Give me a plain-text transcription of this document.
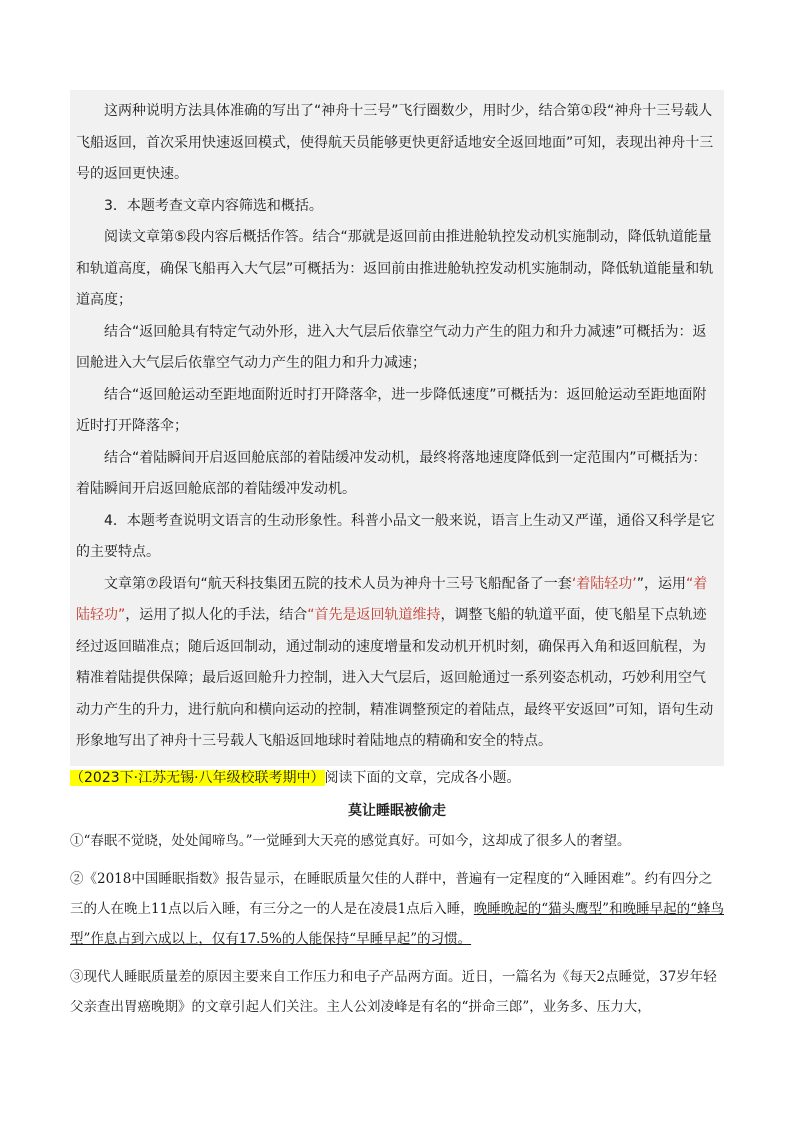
这两种说明方法具体准确的写出了“神舟十三号”飞行圈数少，用时少，结合第①段“神舟十三号载人飞船返回，首次采用快速返回模式，使得航天员能够更快更舒适地安全返回地面”可知，表现出神舟十三号的返回更快速。

3．本题考查文章内容筛选和概括。

阅读文章第⑤段内容后概括作答。结合“那就是返回前由推进舱轨控发动机实施制动，降低轨道能量和轨道高度，确保飞船再入大气层”可概括为：返回前由推进舱轨控发动机实施制动，降低轨道能量和轨道高度；

结合“返回舱具有特定气动外形，进入大气层后依靠空气动力产生的阻力和升力减速”可概括为：返回舱进入大气层后依靠空气动力产生的阻力和升力减速；

结合“返回舱运动至距地面附近时打开降落伞，进一步降低速度”可概括为：返回舱运动至距地面附近时打开降落伞；

结合“着陆瞬间开启返回舱底部的着陆缓冲发动机，最终将落地速度降低到一定范围内”可概括为：着陆瞬间开启返回舱底部的着陆缓冲发动机。

4．本题考查说明文语言的生动形象性。科普小品文一般来说，语言上生动又严谨，通俗又科学是它的主要特点。

文章第⑦段语句“航天科技集团五院的技术人员为神舟十三号飞船配备了一套‘着陆轻功’”，运用“着陆轻功”，运用了拟人化的手法，结合“首先是返回轨道维持，调整飞船的轨道平面，使飞船星下点轨迹经过返回瞄准点；随后返回制动，通过制动的速度增量和发动机开机时刻，确保再入角和返回航程，为精准着陆提供保障；最后返回舱升力控制，进入大气层后，返回舱通过一系列姿态机动，巧妙利用空气动力产生的升力，进行航向和横向运动的控制，精准调整预定的着陆点，最终平安返回”可知，语句生动形象地写出了神舟十三号载人飞船返回地球时着陆地点的精确和安全的特点。

（2023下·江苏无锡·八年级校联考期中）阅读下面的文章，完成各小题。
莫让睡眠被偷走

①“春眠不觉晓，处处闻啼鸟。”一觉睡到大天亮的感觉真好。可如今，这却成了很多人的奢望。

②《2018中国睡眠指数》报告显示，在睡眠质量欠佳的人群中，普遍有一定程度的“入睡困难”。约有四分之三的人在晚上11点以后入睡，有三分之一的人是在凌晨1点后入睡，晚睡晚起的“猫头鹰型”和晚睡早起的“蜂鸟型”作息占到六成以上，仅有17.5%的人能保持“早睡早起”的习惯。

③现代人睡眠质量差的原因主要来自工作压力和电子产品两方面。近日，一篇名为《每天2点睡觉，37岁年轻父亲查出胃癌晚期》的文章引起人们关注。主人公刘凌峰是有名的“拼命三郎”，业务多、压力大，
